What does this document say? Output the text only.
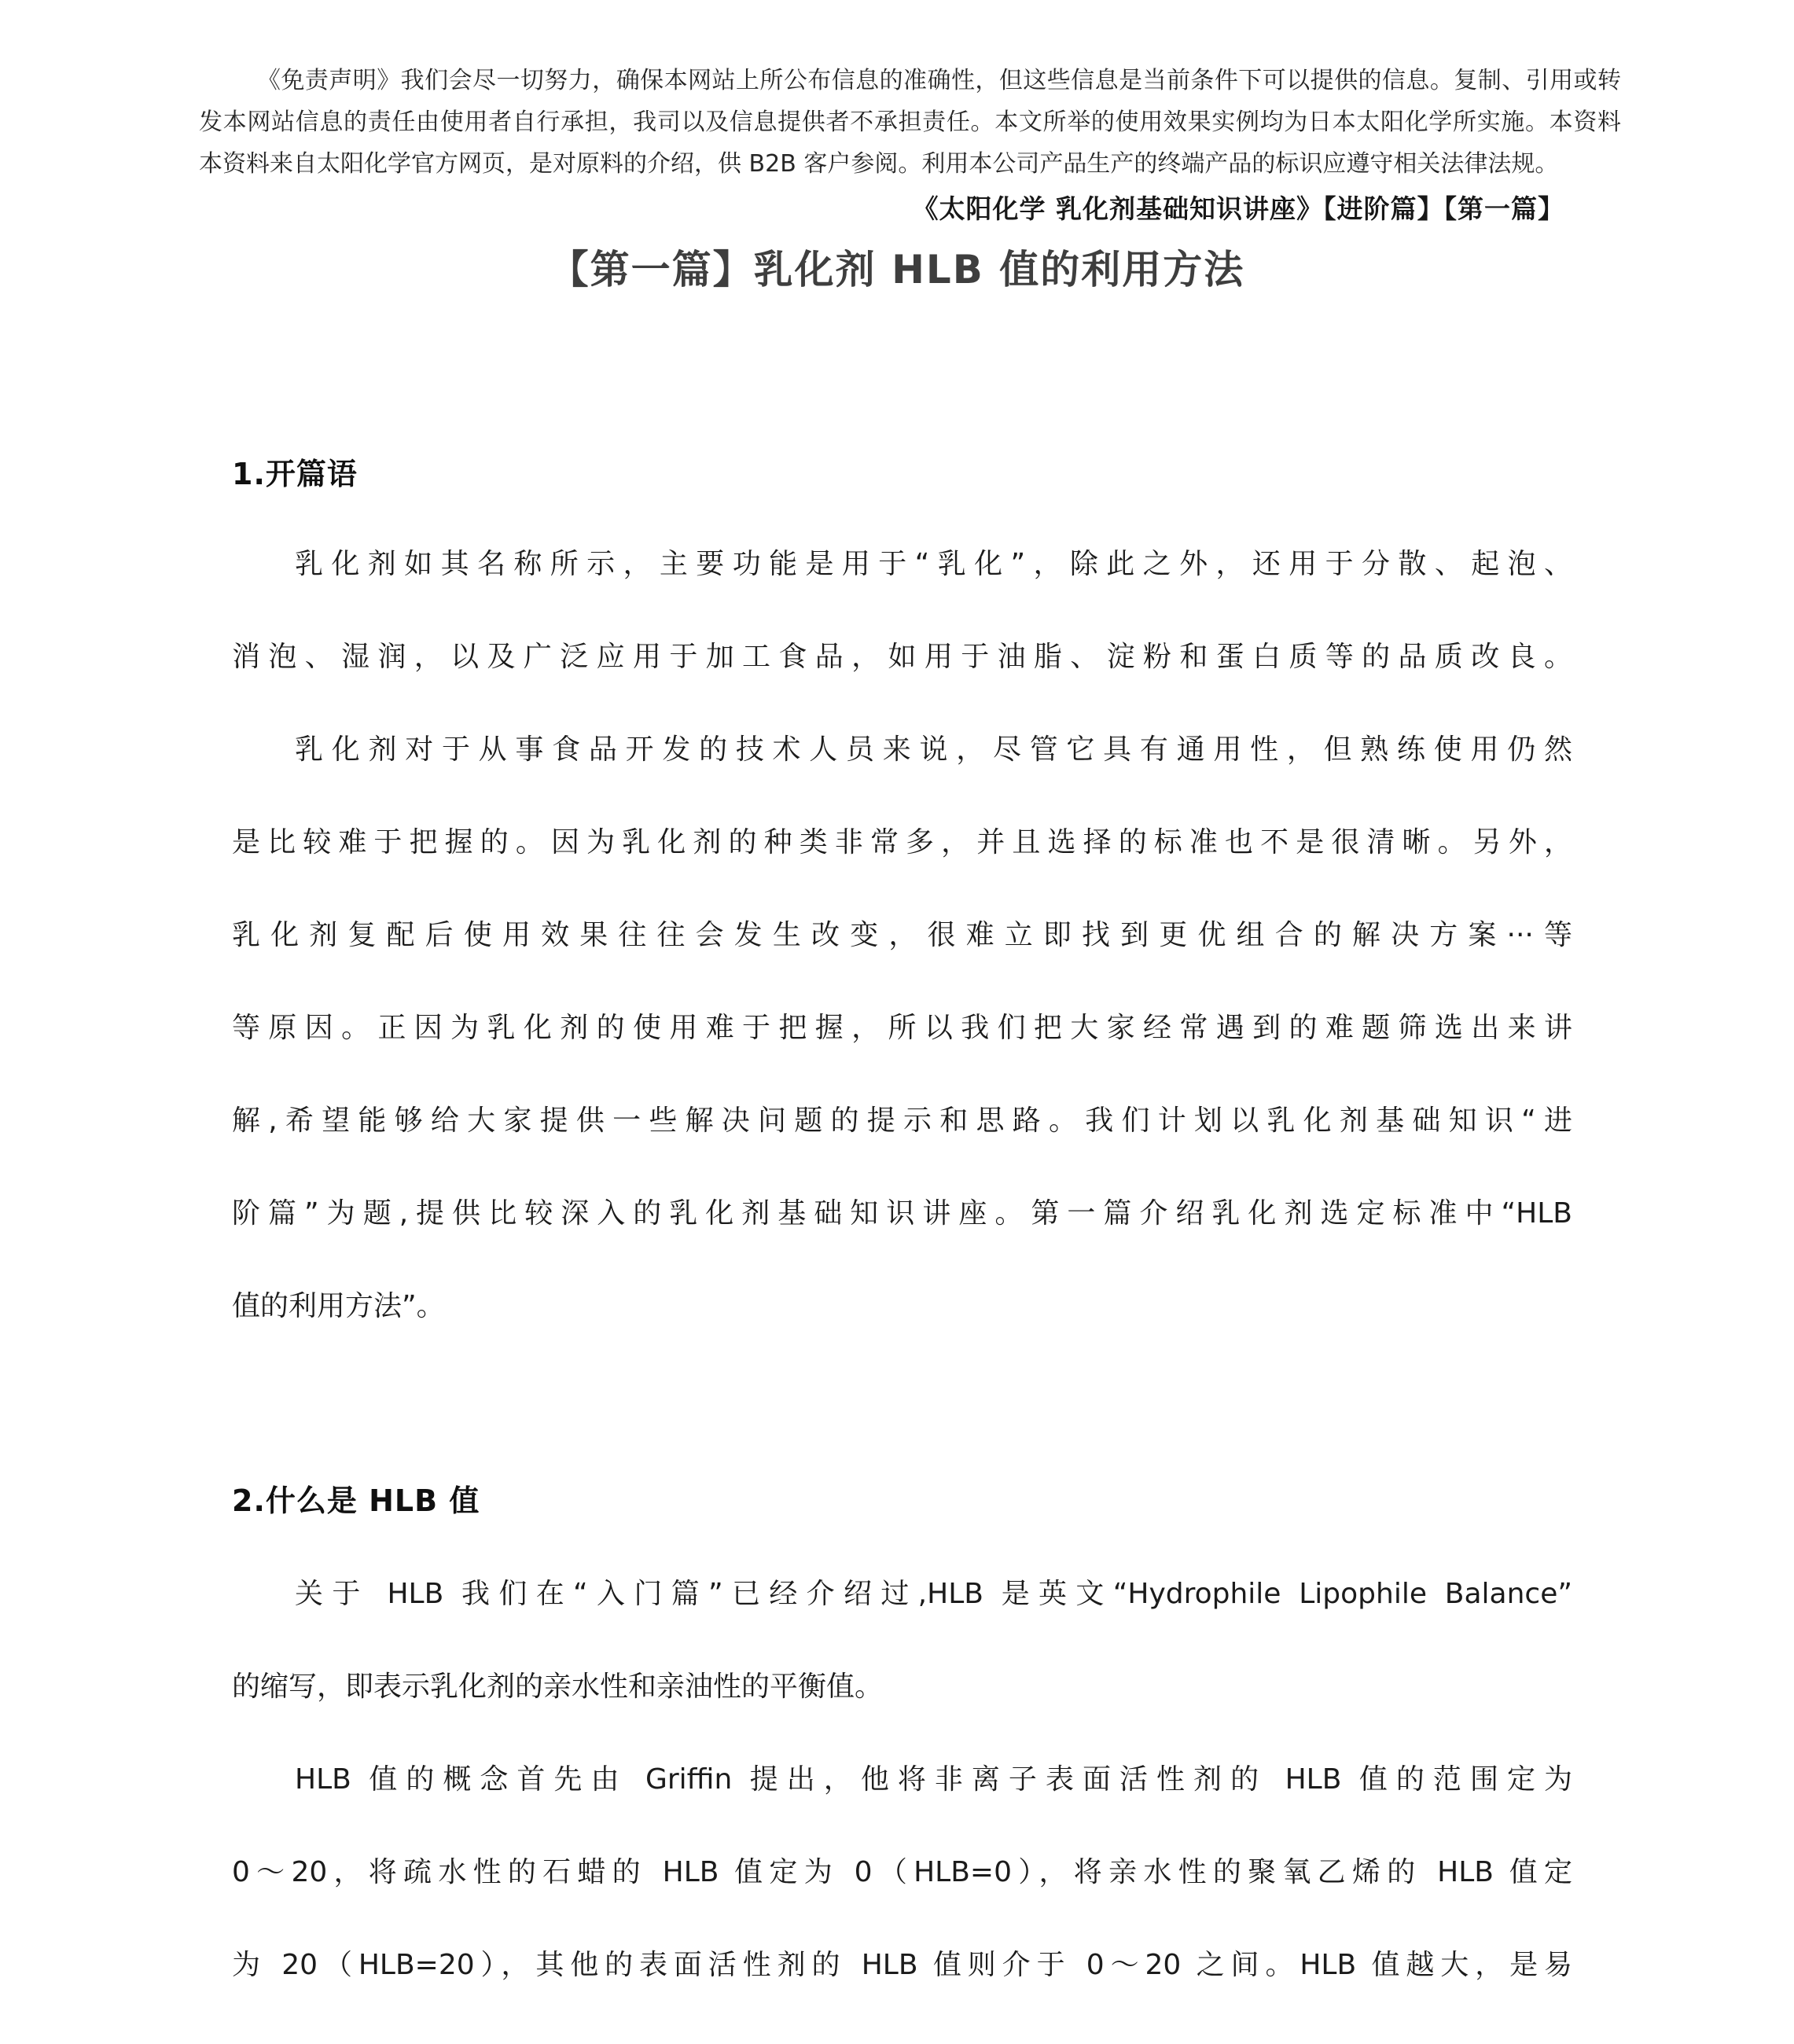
《免责声明》我们会尽一切努力，确保本网站上所公布信息的准确性，但这些信息是当前条件下可以提供的信息。复制、引用或转
发本网站信息的责任由使用者自行承担，我司以及信息提供者不承担责任。本文所举的使用效果实例均为日本太阳化学所实施。本资料
本资料来自太阳化学官方网页，是对原料的介绍，供 B2B 客户参阅。利用本公司产品生产的终端产品的标识应遵守相关法律法规。
《太阳化学 乳化剂基础知识讲座》【进阶篇】【第一篇】
【第一篇】乳化剂 HLB 值的利用方法
1.开篇语
乳化剂如其名称所示，主要功能是用于“乳化”，除此之外，还用于分散、起泡、
消泡、湿润，以及广泛应用于加工食品，如用于油脂、淀粉和蛋白质等的品质改良。
乳化剂对于从事食品开发的技术人员来说，尽管它具有通用性，但熟练使用仍然
是比较难于把握的。因为乳化剂的种类非常多，并且选择的标准也不是很清晰。另外，
乳化剂复配后使用效果往往会发生改变，很难立即找到更优组合的解决方案···等
等原因。正因为乳化剂的使用难于把握，所以我们把大家经常遇到的难题筛选出来讲
解,希望能够给大家提供一些解决问题的提示和思路。我们计划以乳化剂基础知识“进
阶篇”为题,提供比较深入的乳化剂基础知识讲座。第一篇介绍乳化剂选定标准中“HLB
值的利用方法”。
2.什么是 HLB 值
关于 HLB 我们在“入门篇”已经介绍过,HLB 是英文“Hydrophile Lipophile Balance”
的缩写，即表示乳化剂的亲水性和亲油性的平衡值。
HLB 值的概念首先由 Griffin 提出，他将非离子表面活性剂的 HLB 值的范围定为
0～20，将疏水性的石蜡的 HLB 值定为 0（HLB=0），将亲水性的聚氧乙烯的 HLB 值定
为 20（HLB=20），其他的表面活性剂的 HLB 值则介于 0～20 之间。HLB 值越大，是易
